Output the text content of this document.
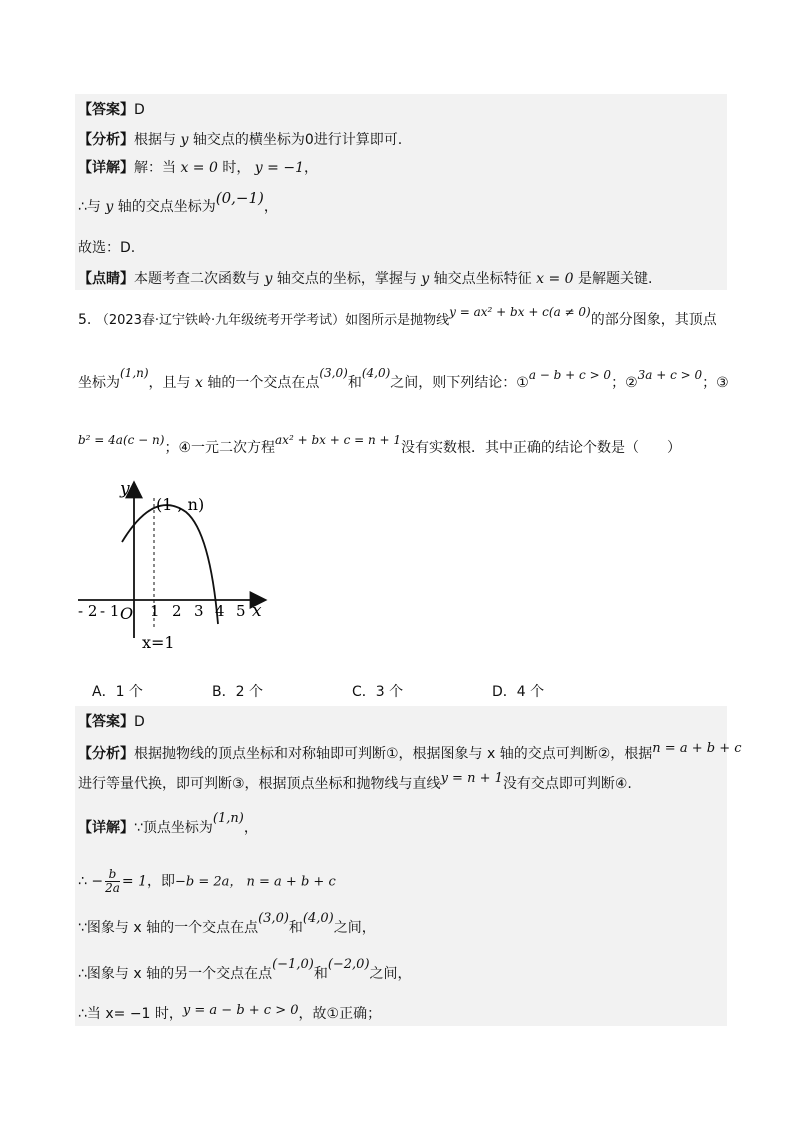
【答案】D
【分析】根据与 y 轴交点的横坐标为0进行计算即可.
【详解】解：当 x = 0 时， y = −1，
∴与 y 轴的交点坐标为(0,−1)，
故选：D.
【点睛】本题考查二次函数与 y 轴交点的坐标，掌握与 y 轴交点坐标特征 x = 0 是解题关键.
5. （2023春·辽宁铁岭·九年级统考开学考试）如图所示是抛物线y = ax² + bx + c(a ≠ 0)的部分图象，其顶点
坐标为(1,n)，且与 x 轴的一个交点在点(3,0)和(4,0)之间，则下列结论：①a − b + c > 0；②3a + c > 0；③
b² = 4a(c − n)；④一元二次方程ax² + bx + c = n + 1没有实数根．其中正确的结论个数是（　　）
y
x
(1 , n)
O
x=1
- 2 - 1 1 2 3 4 5
A．1 个	B．2 个	C．3 个	D．4 个
【答案】D
【分析】根据抛物线的顶点坐标和对称轴即可判断①，根据图象与 x 轴的交点可判断②，根据n = a + b + c
进行等量代换，即可判断③，根据顶点坐标和抛物线与直线y = n + 1没有交点即可判断④.
【详解】∵顶点坐标为(1,n)，
∴ − $\frac{b}{2a} = 1$，即−b = 2a， n = a + b + c
∵图象与 x 轴的一个交点在点(3,0)和(4,0)之间，
∴图象与 x 轴的另一个交点在点(−1,0)和(−2,0)之间，
∴当 x= −1 时，y = a − b + c > 0，故①正确；
